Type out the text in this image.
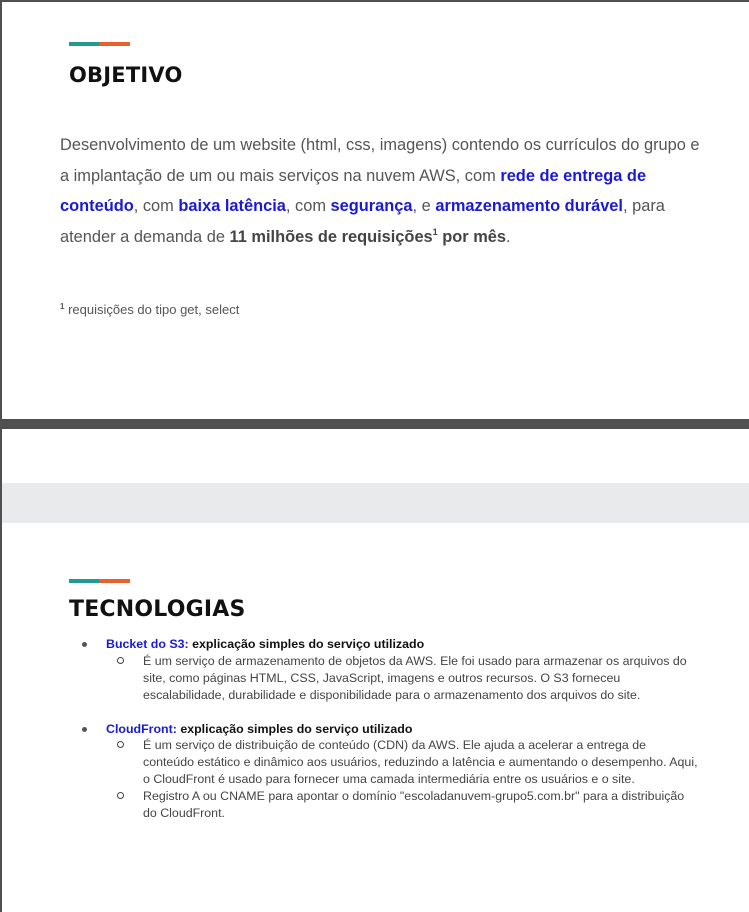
OBJETIVO

Desenvolvimento de um website (html, css, imagens) contendo os currículos do grupo e a implantação de um ou mais serviços na nuvem AWS, com rede de entrega de conteúdo, com baixa latência, com segurança, e armazenamento durável, para atender a demanda de 11 milhões de requisições$^1$ por mês.

$^1$ requisições do tipo get, select

TECNOLOGIAS
Bucket do S3: explicação simples do serviço utilizado
É um serviço de armazenamento de objetos da AWS. Ele foi usado para armazenar os arquivos do site, como páginas HTML, CSS, JavaScript, imagens e outros recursos. O S3 forneceu escalabilidade, durabilidade e disponibilidade para o armazenamento dos arquivos do site.
CloudFront: explicação simples do serviço utilizado
É um serviço de distribuição de conteúdo (CDN) da AWS. Ele ajuda a acelerar a entrega de conteúdo estático e dinâmico aos usuários, reduzindo a latência e aumentando o desempenho. Aqui, o CloudFront é usado para fornecer uma camada intermediária entre os usuários e o site.
Registro A ou CNAME para apontar o domínio "escoladanuvem-grupo5.com.br" para a distribuição do CloudFront.
